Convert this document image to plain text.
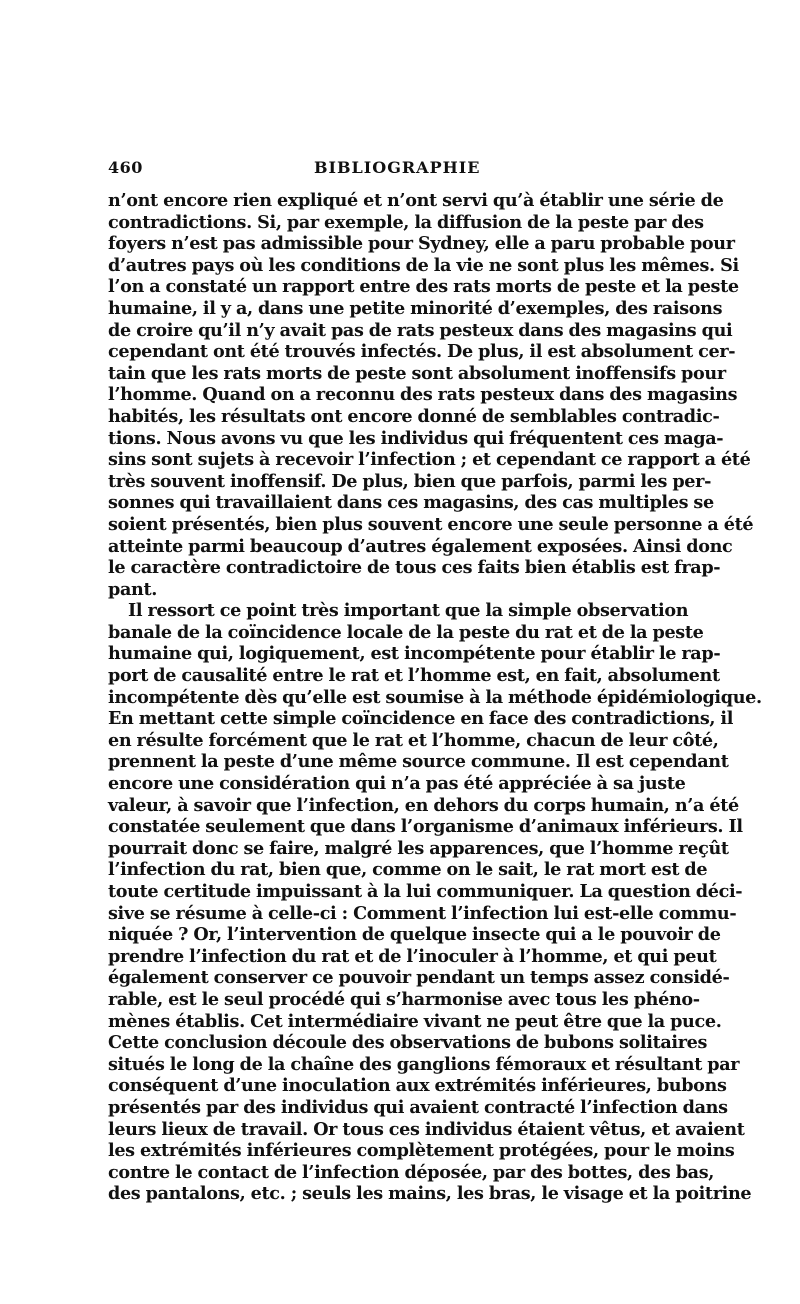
460	BIBLIOGRAPHIE
n’ont encore rien expliqué et n’ont servi qu’à établir une série de
contradictions. Si, par exemple, la diffusion de la peste par des
foyers n’est pas admissible pour Sydney, elle a paru probable pour
d’autres pays où les conditions de la vie ne sont plus les mêmes. Si
l’on a constaté un rapport entre des rats morts de peste et la peste
humaine, il y a, dans une petite minorité d’exemples, des raisons
de croire qu’il n’y avait pas de rats pesteux dans des magasins qui
cependant ont été trouvés infectés. De plus, il est absolument cer-
tain que les rats morts de peste sont absolument inoffensifs pour
l’homme. Quand on a reconnu des rats pesteux dans des magasins
habités, les résultats ont encore donné de semblables contradic-
tions. Nous avons vu que les individus qui fréquentent ces maga-
sins sont sujets à recevoir l’infection ; et cependant ce rapport a été
très souvent inoffensif. De plus, bien que parfois, parmi les per-
sonnes qui travaillaient dans ces magasins, des cas multiples se
soient présentés, bien plus souvent encore une seule personne a été
atteinte parmi beaucoup d’autres également exposées. Ainsi donc
le caractère contradictoire de tous ces faits bien établis est frap-
pant.
Il ressort ce point très important que la simple observation
banale de la coïncidence locale de la peste du rat et de la peste
humaine qui, logiquement, est incompétente pour établir le rap-
port de causalité entre le rat et l’homme est, en fait, absolument
incompétente dès qu’elle est soumise à la méthode épidémiologique.
En mettant cette simple coïncidence en face des contradictions, il
en résulte forcément que le rat et l’homme, chacun de leur côté,
prennent la peste d’une même source commune. Il est cependant
encore une considération qui n’a pas été appréciée à sa juste
valeur, à savoir que l’infection, en dehors du corps humain, n’a été
constatée seulement que dans l’organisme d’animaux inférieurs. Il
pourrait donc se faire, malgré les apparences, que l’homme reçût
l’infection du rat, bien que, comme on le sait, le rat mort est de
toute certitude impuissant à la lui communiquer. La question déci-
sive se résume à celle-ci : Comment l’infection lui est-elle commu-
niquée ? Or, l’intervention de quelque insecte qui a le pouvoir de
prendre l’infection du rat et de l’inoculer à l’homme, et qui peut
également conserver ce pouvoir pendant un temps assez considé-
rable, est le seul procédé qui s’harmonise avec tous les phéno-
mènes établis. Cet intermédiaire vivant ne peut être que la puce.
Cette conclusion découle des observations de bubons solitaires
situés le long de la chaîne des ganglions fémoraux et résultant par
conséquent d’une inoculation aux extrémités inférieures, bubons
présentés par des individus qui avaient contracté l’infection dans
leurs lieux de travail. Or tous ces individus étaient vêtus, et avaient
les extrémités inférieures complètement protégées, pour le moins
contre le contact de l’infection déposée, par des bottes, des bas,
des pantalons, etc. ; seuls les mains, les bras, le visage et la poitrine
